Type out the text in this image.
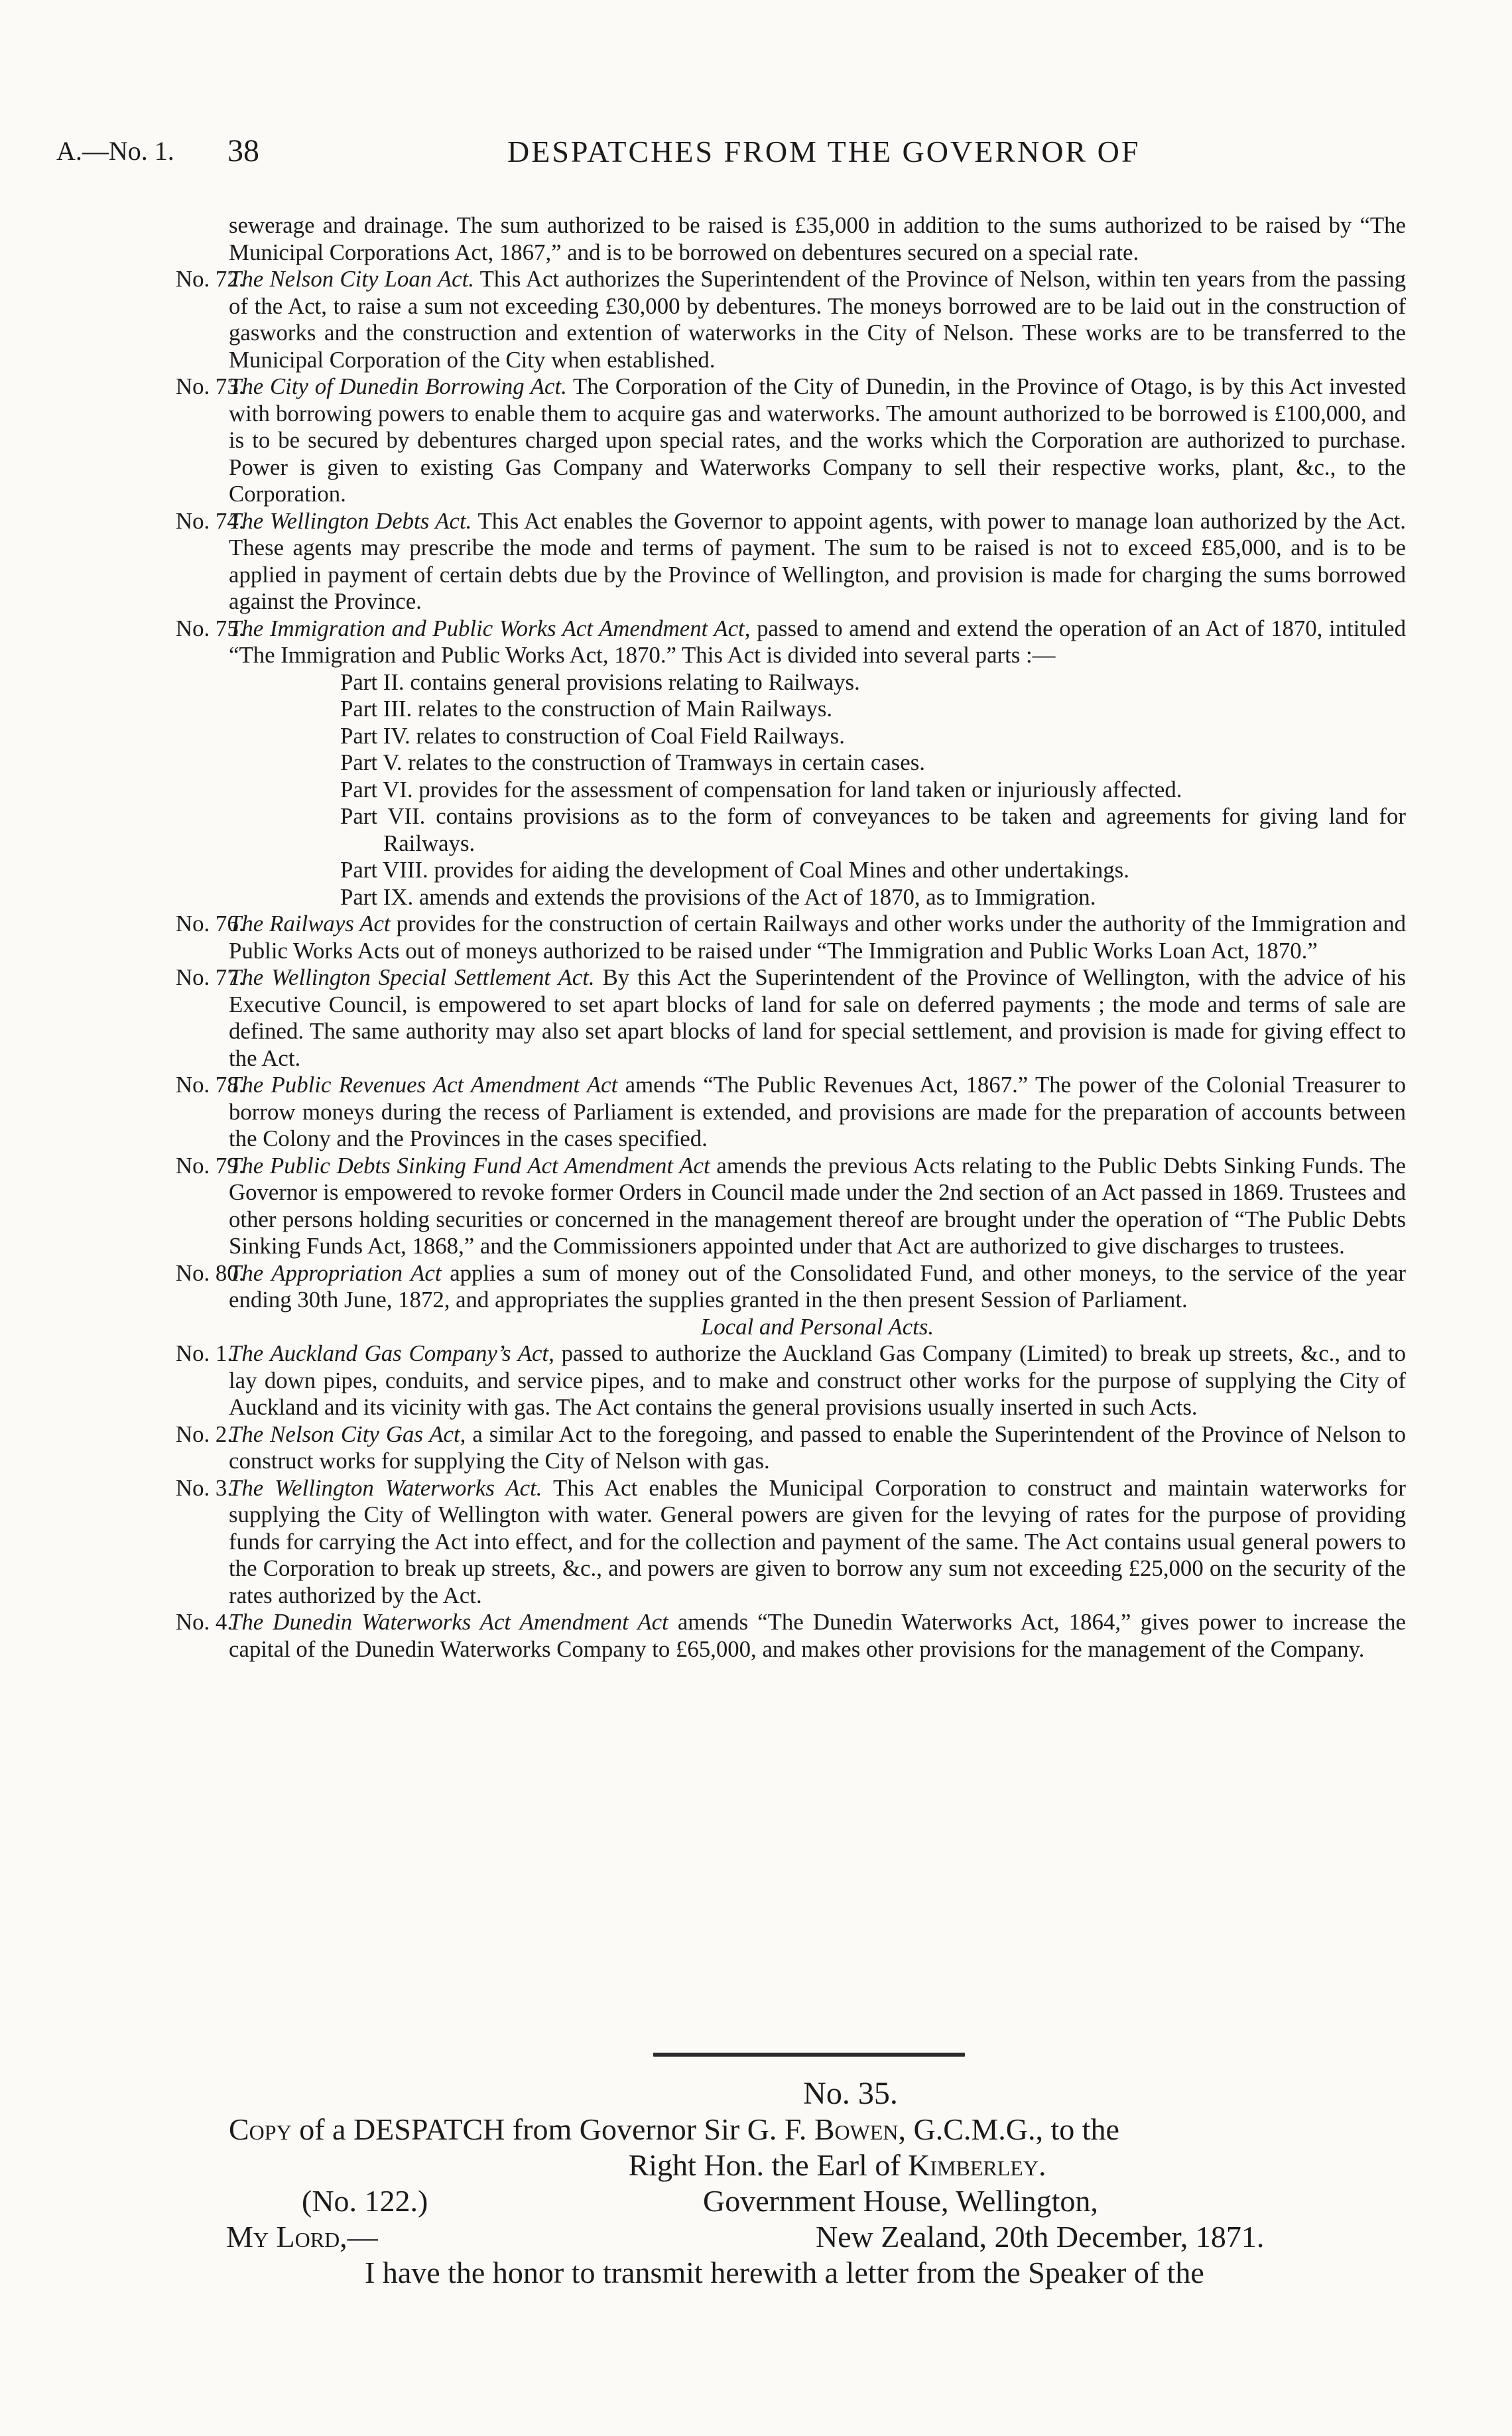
A.—No. 1. 38	DESPATCHES FROM THE GOVERNOR OF

sewerage and drainage. The sum authorized to be raised is £35,000 in addition to the sums authorized to be raised by “The Municipal Corporations Act, 1867,” and is to be borrowed on debentures secured on a special rate.

No. 72.
The Nelson City Loan Act. This Act authorizes the Superintendent of the Province of Nelson, within ten years from the passing of the Act, to raise a sum not exceeding £30,000 by debentures. The moneys borrowed are to be laid out in the construction of gasworks and the construction and extention of waterworks in the City of Nelson. These works are to be transferred to the Municipal Corporation of the City when established.

No. 73.
The City of Dunedin Borrowing Act. The Corporation of the City of Dunedin, in the Province of Otago, is by this Act invested with borrowing powers to enable them to acquire gas and waterworks. The amount authorized to be borrowed is £100,000, and is to be secured by debentures charged upon special rates, and the works which the Corporation are authorized to purchase. Power is given to existing Gas Company and Waterworks Company to sell their respective works, plant, &c., to the Corporation.

No. 74.
The Wellington Debts Act. This Act enables the Governor to appoint agents, with power to manage loan authorized by the Act. These agents may prescribe the mode and terms of payment. The sum to be raised is not to exceed £85,000, and is to be applied in payment of certain debts due by the Province of Wellington, and provision is made for charging the sums borrowed against the Province.

No. 75.
The Immigration and Public Works Act Amendment Act, passed to amend and extend the operation of an Act of 1870, intituled “The Immigration and Public Works Act, 1870.” This Act is divided into several parts :—

Part II. contains general provisions relating to Railways.

Part III. relates to the construction of Main Railways.

Part IV. relates to construction of Coal Field Railways.

Part V. relates to the construction of Tramways in certain cases.

Part VI. provides for the assessment of compensation for land taken or injuriously affected.

Part VII. contains provisions as to the form of conveyances to be taken and agreements for giving land for Railways.

Part VIII. provides for aiding the development of Coal Mines and other undertakings.

Part IX. amends and extends the provisions of the Act of 1870, as to Immigration.

No. 76.
The Railways Act provides for the construction of certain Railways and other works under the authority of the Immigration and Public Works Acts out of moneys authorized to be raised under “The Immigration and Public Works Loan Act, 1870.”

No. 77.
The Wellington Special Settlement Act. By this Act the Superintendent of the Province of Wellington, with the advice of his Executive Council, is empowered to set apart blocks of land for sale on deferred payments ; the mode and terms of sale are defined. The same authority may also set apart blocks of land for special settlement, and provision is made for giving effect to the Act.

No. 78.
The Public Revenues Act Amendment Act amends “The Public Revenues Act, 1867.” The power of the Colonial Treasurer to borrow moneys during the recess of Parliament is extended, and provisions are made for the preparation of accounts between the Colony and the Provinces in the cases specified.

No. 79.
The Public Debts Sinking Fund Act Amendment Act amends the previous Acts relating to the Public Debts Sinking Funds. The Governor is empowered to revoke former Orders in Council made under the 2nd section of an Act passed in 1869. Trustees and other persons holding securities or concerned in the management thereof are brought under the operation of “The Public Debts Sinking Funds Act, 1868,” and the Commissioners appointed under that Act are authorized to give discharges to trustees.

No. 80.
The Appropriation Act applies a sum of money out of the Consolidated Fund, and other moneys, to the service of the year ending 30th June, 1872, and appropriates the supplies granted in the then present Session of Parliament.

Local and Personal Acts.

No. 1.
The Auckland Gas Company’s Act, passed to authorize the Auckland Gas Company (Limited) to break up streets, &c., and to lay down pipes, conduits, and service pipes, and to make and construct other works for the purpose of supplying the City of Auckland and its vicinity with gas. The Act contains the general provisions usually inserted in such Acts.

No. 2.
The Nelson City Gas Act, a similar Act to the foregoing, and passed to enable the Superintendent of the Province of Nelson to construct works for supplying the City of Nelson with gas.

No. 3.
The Wellington Waterworks Act. This Act enables the Municipal Corporation to construct and maintain waterworks for supplying the City of Wellington with water. General powers are given for the levying of rates for the purpose of providing funds for carrying the Act into effect, and for the collection and payment of the same. The Act contains usual general powers to the Corporation to break up streets, &c., and powers are given to borrow any sum not exceeding £25,000 on the security of the rates authorized by the Act.

No. 4.
The Dunedin Waterworks Act Amendment Act amends “The Dunedin Waterworks Act, 1864,” gives power to increase the capital of the Dunedin Waterworks Company to £65,000, and makes other provisions for the management of the Company.

No. 35.

Copy of a DESPATCH from Governor Sir G. F. Bowen, G.C.M.G., to the

Right Hon. the Earl of Kimberley.

(No. 122.)	Government House, Wellington,
My Lord,—	New Zealand, 20th December, 1871.

I have the honor to transmit herewith a letter from the Speaker of the
